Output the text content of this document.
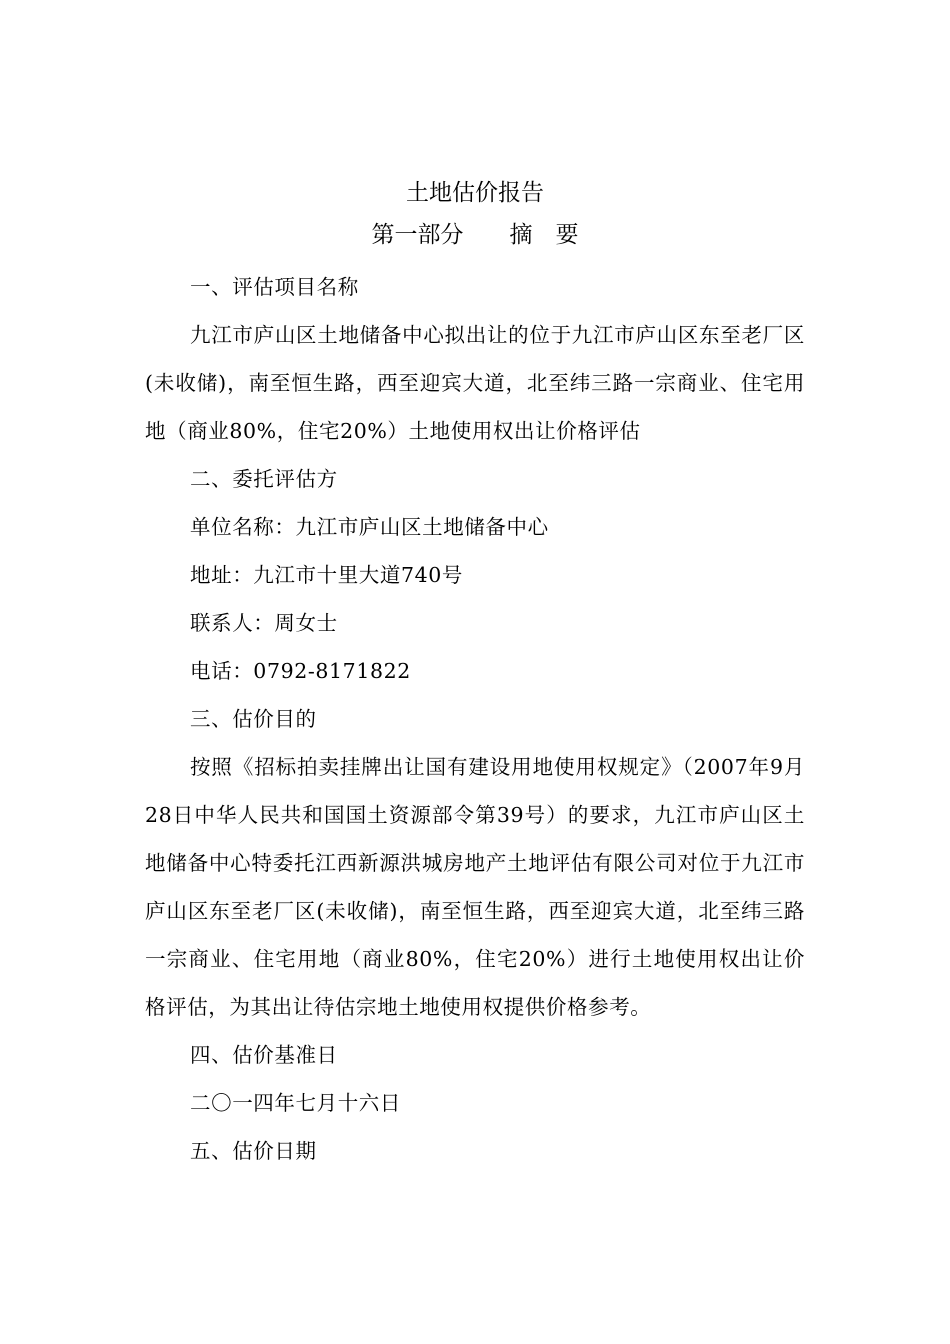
土地估价报告
第一部分　　摘　要

一、评估项目名称

九江市庐山区土地储备中心拟出让的位于九江市庐山区东至老厂区(未收储)，南至恒生路，西至迎宾大道，北至纬三路一宗商业、住宅用地（商业80%，住宅20%）土地使用权出让价格评估

二、委托评估方

单位名称：九江市庐山区土地储备中心

地址：九江市十里大道740号

联系人：周女士

电话：0792-8171822

三、估价目的

按照《招标拍卖挂牌出让国有建设用地使用权规定》（2007年9月28日中华人民共和国国土资源部令第39号）的要求，九江市庐山区土地储备中心特委托江西新源洪城房地产土地评估有限公司对位于九江市庐山区东至老厂区(未收储)，南至恒生路，西至迎宾大道，北至纬三路一宗商业、住宅用地（商业80%，住宅20%）进行土地使用权出让价格评估，为其出让待估宗地土地使用权提供价格参考。

四、估价基准日

二〇一四年七月十六日

五、估价日期
